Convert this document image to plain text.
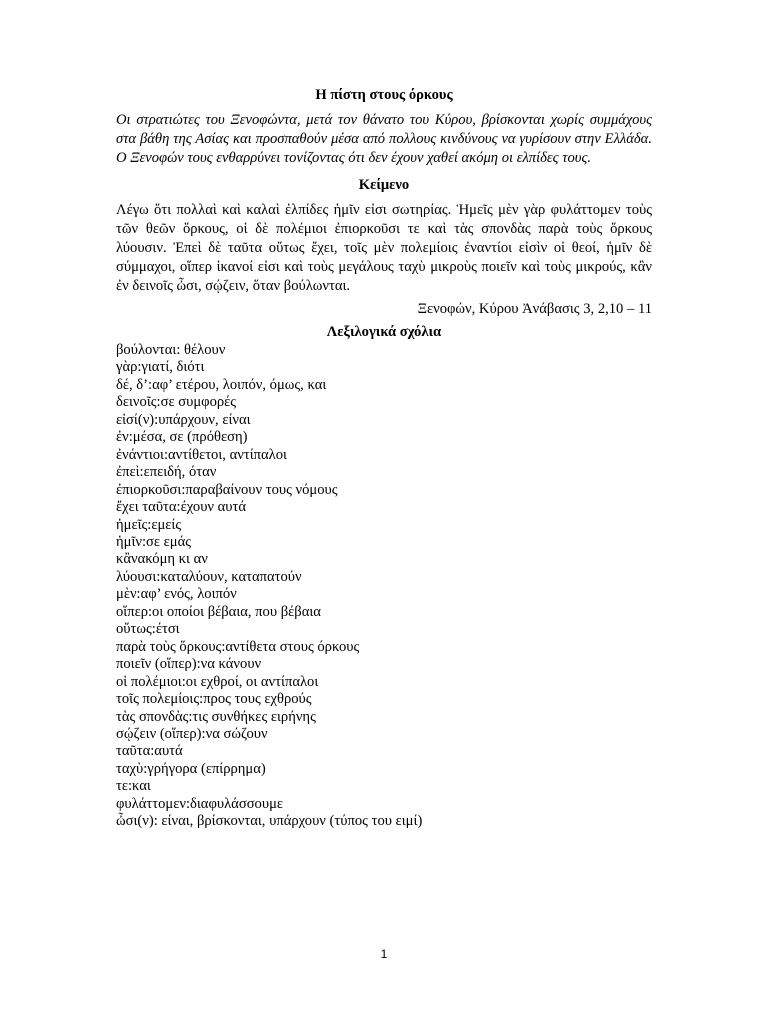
Η πίστη στους όρκους
Οι στρατιώτες του Ξενοφώντα, μετά τον θάνατο του Κύρου, βρίσκονται χωρίς συμμάχους στα βάθη της Ασίας και προσπαθούν μέσα από πολλους κινδύνους να γυρίσουν στην Ελλάδα. Ο Ξενοφών τους ενθαρρύνει τονίζοντας ότι δεν έχουν χαθεί ακόμη οι ελπίδες τους.
Κείμενο
Λέγω ὅτι πολλαὶ καὶ καλαὶ ἐλπίδες ἡμῖν εἰσι σωτηρίας. Ἡμεῖς μὲν γὰρ φυλάττομεν τοὺς τῶν θεῶν ὅρκους, οἱ δὲ πολέμιοι ἐπιορκοῦσι τε καὶ τὰς σπονδὰς παρὰ τοὺς ὅρκους λύουσιν. Ἐπεὶ δὲ ταῦτα οὕτως ἔχει, τοῖς μὲν πολεμίοις ἐναντίοι εἰσὶν οἱ θεοί, ἡμῖν δὲ σύμμαχοι, οἵπερ ἱκανοί εἰσι καὶ τοὺς μεγάλους ταχὺ μικροὺς ποιεῖν καὶ τοὺς μικρούς, κἂν ἐν δεινοῖς ὦσι, σῴζειν, ὅταν βούλωνται.
Ξενοφών, Κύρου Ἀνάβασις 3, 2,10 – 11
Λεξιλογικά σχόλια
βούλονται: θέλουν
γὰρ:γιατί, διότι
δέ, δ’:αφ’ ετέρου, λοιπόν, όμως, και
δεινοῖς:σε συμφορές
εἰσί(ν):υπάρχουν, είναι
ἐν:μέσα, σε (πρόθεση)
ἐνάντιοι:αντίθετοι, αντίπαλοι
ἐπεὶ:επειδή, όταν
ἐπιορκοῦσι:παραβαίνουν τους νόμους
ἔχει ταῦτα:έχουν αυτά
ἡμεῖς:εμείς
ἡμῖν:σε εμάς
κἂνακόμη κι αν
λύουσι:καταλύουν, καταπατούν
μὲν:αφ’ ενός, λοιπόν
οἵπερ:οι οποίοι βέβαια, που βέβαια
οὕτως:έτσι
παρὰ τοὺς ὅρκους:αντίθετα στους όρκους
ποιεῖν (οἵπερ):να κάνουν
οἱ πολέμιοι:οι εχθροί, οι αντίπαλοι
τοῖς πολεμίοις:προς τους εχθρούς
τὰς σπονδὰς:τις συνθήκες ειρήνης
σῴζειν (οἵπερ):να σώζουν
ταῦτα:αυτά
ταχὺ:γρήγορα (επίρρημα)
τε:και
φυλάττομεν:διαφυλάσσουμε
ὦσι(ν): είναι, βρίσκονται, υπάρχουν (τύπος του ειμί)
1
